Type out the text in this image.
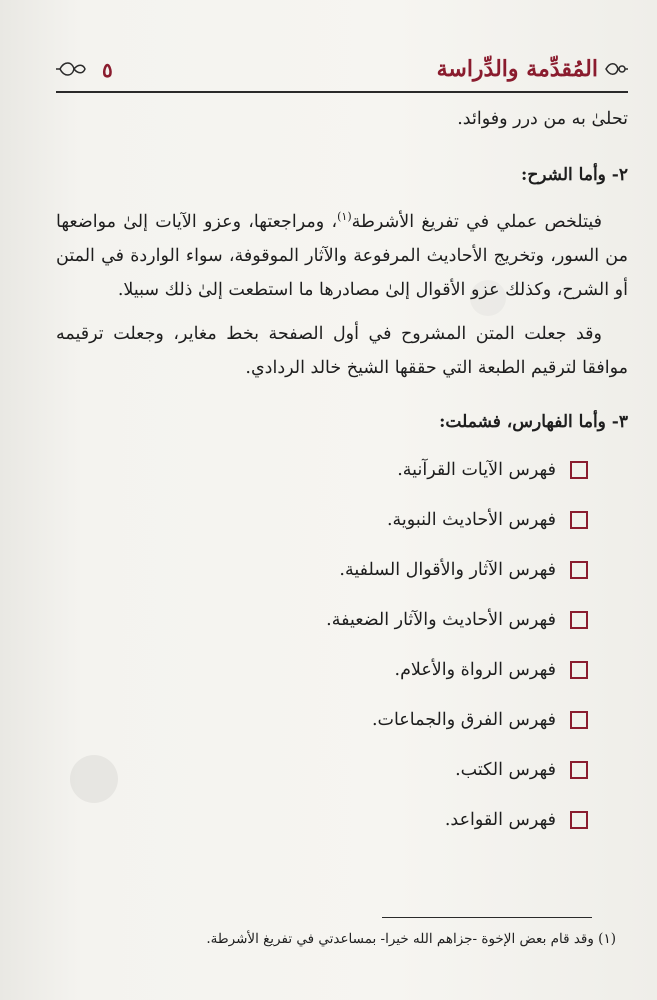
المُقدِّمة والدِّراسة
٥

تحلىٰ به من درر وفوائد.

٢- وأما الشرح:

فيتلخص عملي في تفريغ الأشرطة$^{(١)}$، ومراجعتها، وعزو الآيات إلىٰ مواضعها من السور، وتخريج الأحاديث المرفوعة والآثار الموقوفة، سواء الواردة في المتن أو الشرح، وكذلك عزو الأقوال إلىٰ مصادرها ما استطعت إلىٰ ذلك سبيلا.

وقد جعلت المتن المشروح في أول الصفحة بخط مغاير، وجعلت ترقيمه موافقا لترقيم الطبعة التي حققها الشيخ خالد الردادي.

٣- وأما الفهارس، فشملت:

فهرس الآيات القرآنية.
فهرس الأحاديث النبوية.
فهرس الآثار والأقوال السلفية.
فهرس الأحاديث والآثار الضعيفة.
فهرس الرواة والأعلام.
فهرس الفرق والجماعات.
فهرس الكتب.
فهرس القواعد.
(١) وقد قام بعض الإخوة -جزاهم الله خيرا- بمساعدتي في تفريغ الأشرطة.
